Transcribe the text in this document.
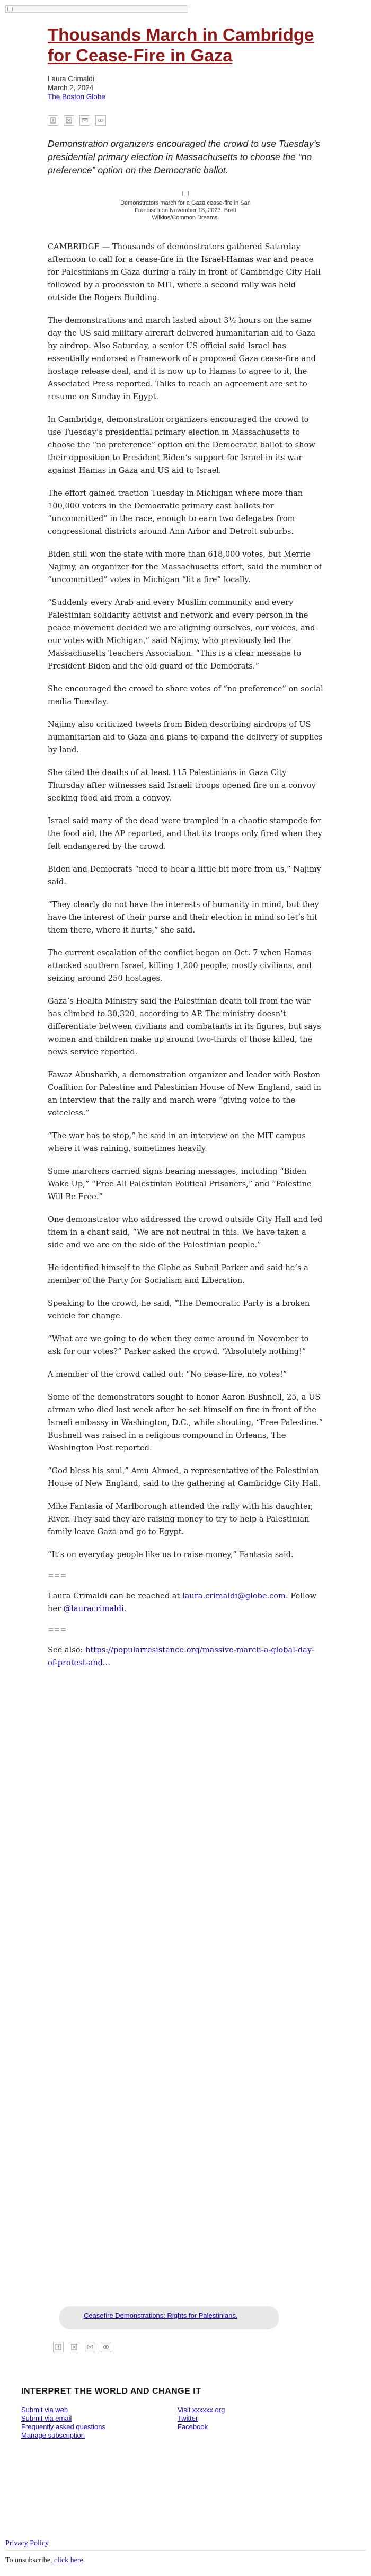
Thousands March in Cambridge for Cease-Fire in Gaza
Laura Crimaldi
March 2, 2024
The Boston Globe

Demonstration organizers encouraged the crowd to use Tuesday’s presidential primary election in Massachusetts to choose the “no preference” option on the Democratic ballot.

Demonstrators march for a Gaza cease-fire in San Francisco on November 18, 2023. Brett Wilkins/Common Dreams.

CAMBRIDGE — Thousands of demonstrators gathered Saturday afternoon to call for a cease-fire in the Israel-Hamas war and peace for Palestinians in Gaza during a rally in front of Cambridge City Hall followed by a procession to MIT, where a second rally was held outside the Rogers Building.

The demonstrations and march lasted about 3½ hours on the same day the US said military aircraft delivered humanitarian aid to Gaza by airdrop. Also Saturday, a senior US official said Israel has essentially endorsed a framework of a proposed Gaza cease-fire and hostage release deal, and it is now up to Hamas to agree to it, the Associated Press reported. Talks to reach an agreement are set to resume on Sunday in Egypt.

In Cambridge, demonstration organizers encouraged the crowd to use Tuesday’s presidential primary election in Massachusetts to choose the “no preference” option on the Democratic ballot to show their opposition to President Biden’s support for Israel in its war against Hamas in Gaza and US aid to Israel.

The effort gained traction Tuesday in Michigan where more than 100,000 voters in the Democratic primary cast ballots for “uncommitted” in the race, enough to earn two delegates from congressional districts around Ann Arbor and Detroit suburbs.

Biden still won the state with more than 618,000 votes, but Merrie Najimy, an organizer for the Massachusetts effort, said the number of “uncommitted” votes in Michigan “lit a fire” locally.

“Suddenly every Arab and every Muslim community and every Palestinian solidarity activist and network and every person in the peace movement decided we are aligning ourselves, our voices, and our votes with Michigan,” said Najimy, who previously led the Massachusetts Teachers Association. “This is a clear message to President Biden and the old guard of the Democrats.”

She encouraged the crowd to share votes of “no preference” on social media Tuesday.

Najimy also criticized tweets from Biden describing airdrops of US humanitarian aid to Gaza and plans to expand the delivery of supplies by land.

She cited the deaths of at least 115 Palestinians in Gaza City Thursday after witnesses said Israeli troops opened fire on a convoy seeking food aid from a convoy.

Israel said many of the dead were trampled in a chaotic stampede for the food aid, the AP reported, and that its troops only fired when they felt endangered by the crowd.

Biden and Democrats “need to hear a little bit more from us,” Najimy said.

“They clearly do not have the interests of humanity in mind, but they have the interest of their purse and their election in mind so let’s hit them there, where it hurts,” she said.

The current escalation of the conflict began on Oct. 7 when Hamas attacked southern Israel, killing 1,200 people, mostly civilians, and seizing around 250 hostages.

Gaza’s Health Ministry said the Palestinian death toll from the war has climbed to 30,320, according to AP. The ministry doesn’t differentiate between civilians and combatants in its figures, but says women and children make up around two-thirds of those killed, the news service reported.

Fawaz Abusharkh, a demonstration organizer and leader with Boston Coalition for Palestine and Palestinian House of New England, said in an interview that the rally and march were “giving voice to the voiceless.”

“The war has to stop,” he said in an interview on the MIT campus where it was raining, sometimes heavily.

Some marchers carried signs bearing messages, including “Biden Wake Up,” “Free All Palestinian Political Prisoners,” and “Palestine Will Be Free.”

One demonstrator who addressed the crowd outside City Hall and led them in a chant said, “We are not neutral in this. We have taken a side and we are on the side of the Palestinian people.”

He identified himself to the Globe as Suhail Parker and said he’s a member of the Party for Socialism and Liberation.

Speaking to the crowd, he said, “The Democratic Party is a broken vehicle for change.

“What are we going to do when they come around in November to ask for our votes?” Parker asked the crowd. “Absolutely nothing!”

A member of the crowd called out: “No cease-fire, no votes!”

Some of the demonstrators sought to honor Aaron Bushnell, 25, a US airman who died last week after he set himself on fire in front of the Israeli embassy in Washington, D.C., while shouting, “Free Palestine.” Bushnell was raised in a religious compound in Orleans, The Washington Post reported.

“God bless his soul,” Amu Ahmed, a representative of the Palestinian House of New England, said to the gathering at Cambridge City Hall.

Mike Fantasia of Marlborough attended the rally with his daughter, River. They said they are raising money to try to help a Palestinian family leave Gaza and go to Egypt.

“It’s on everyday people like us to raise money,” Fantasia said.

===

Laura Crimaldi can be reached at laura.crimaldi@globe.com. Follow her @lauracrimaldi.

===

See also: https://popularresistance.org/massive-march-a-global-day-of-protest-and...

Ceasefire Demonstrations: Rights for Palestinians.
INTERPRET THE WORLD AND CHANGE IT
Submit via web
Submit via email
Frequently asked questions
Manage subscription
Visit xxxxxx.org
Twitter
Facebook
Privacy Policy
To unsubscribe, click here.
